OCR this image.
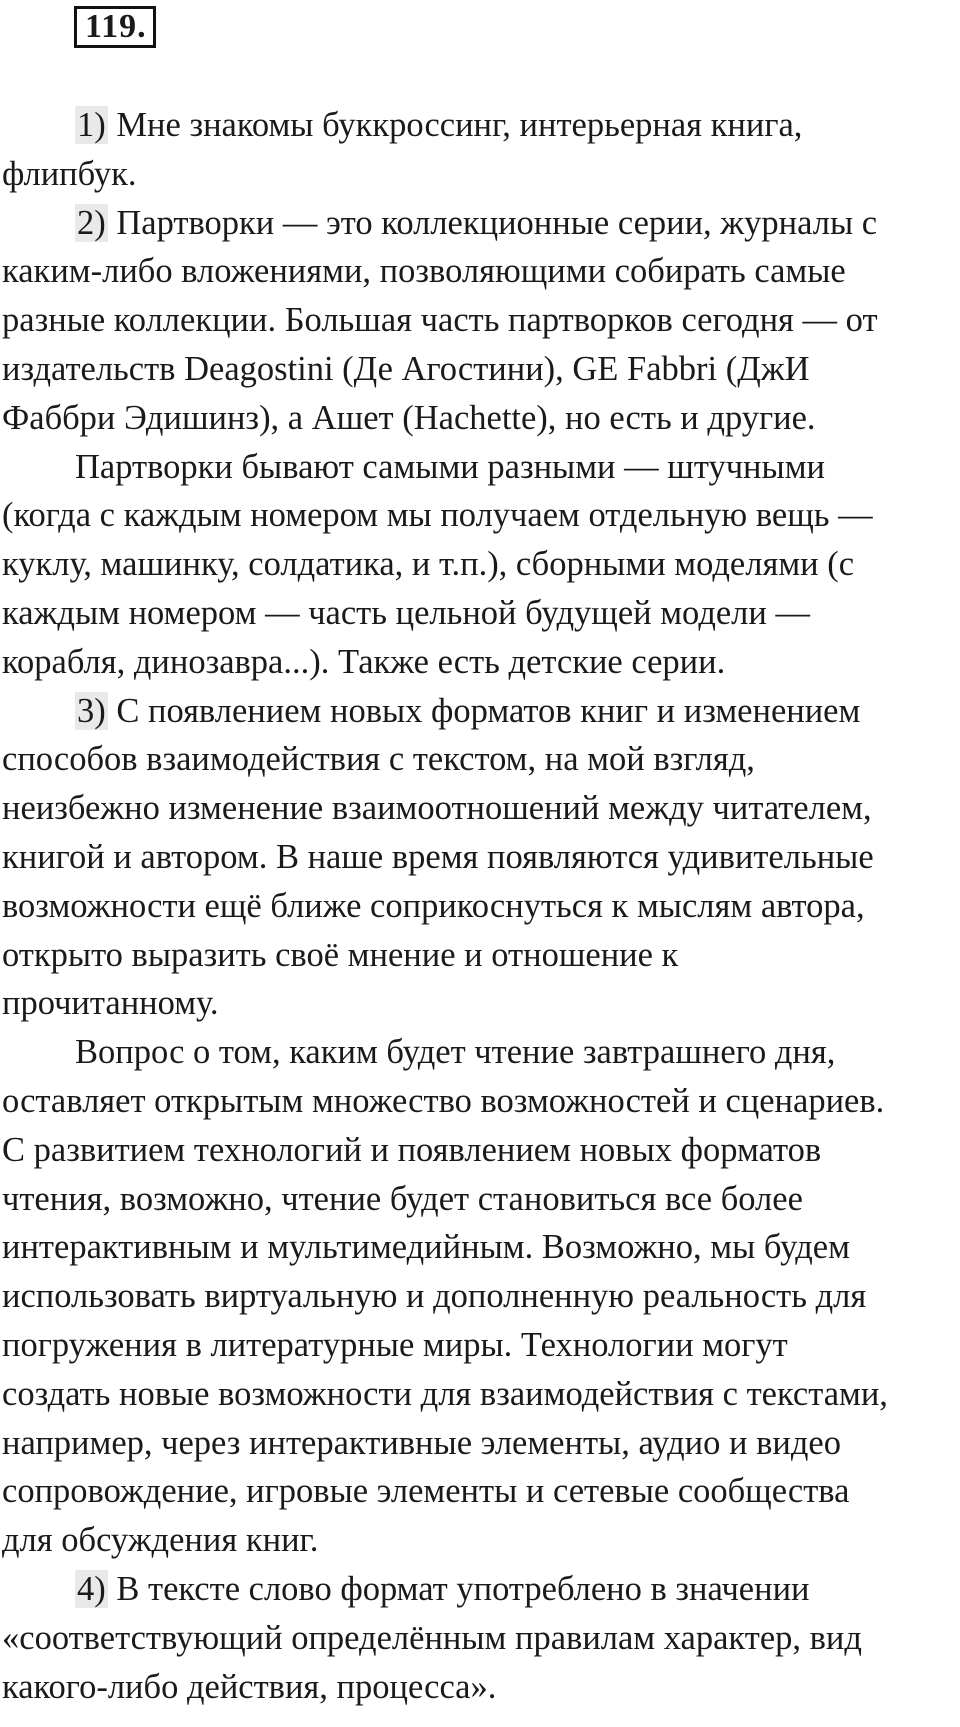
119.
1) Мне знакомы буккроссинг, интерьерная книга,
флипбук.
2) Партворки — это коллекционные серии, журналы с
каким-либо вложениями, позволяющими собирать самые
разные коллекции. Большая часть партворков сегодня — от
издательств Deagostini (Де Агостини), GE Fabbri (ДжИ
Фаббри Эдишинз), а Ашет (Hachette), но есть и другие.
Партворки бывают самыми разными — штучными
(когда с каждым номером мы получаем отдельную вещь —
куклу, машинку, солдатика, и т.п.), сборными моделями (с
каждым номером — часть цельной будущей модели —
корабля, динозавра...). Также есть детские серии.
3) С появлением новых форматов книг и изменением
способов взаимодействия с текстом, на мой взгляд,
неизбежно изменение взаимоотношений между читателем,
книгой и автором. В наше время появляются удивительные
возможности ещё ближе соприкоснуться к мыслям автора,
открыто выразить своё мнение и отношение к
прочитанному.
Вопрос о том, каким будет чтение завтрашнего дня,
оставляет открытым множество возможностей и сценариев.
С развитием технологий и появлением новых форматов
чтения, возможно, чтение будет становиться все более
интерактивным и мультимедийным. Возможно, мы будем
использовать виртуальную и дополненную реальность для
погружения в литературные миры. Технологии могут
создать новые возможности для взаимодействия с текстами,
например, через интерактивные элементы, аудио и видео
сопровождение, игровые элементы и сетевые сообщества
для обсуждения книг.
4) В тексте слово формат употреблено в значении
«соответствующий определённым правилам характер, вид
какого-либо действия, процесса».
